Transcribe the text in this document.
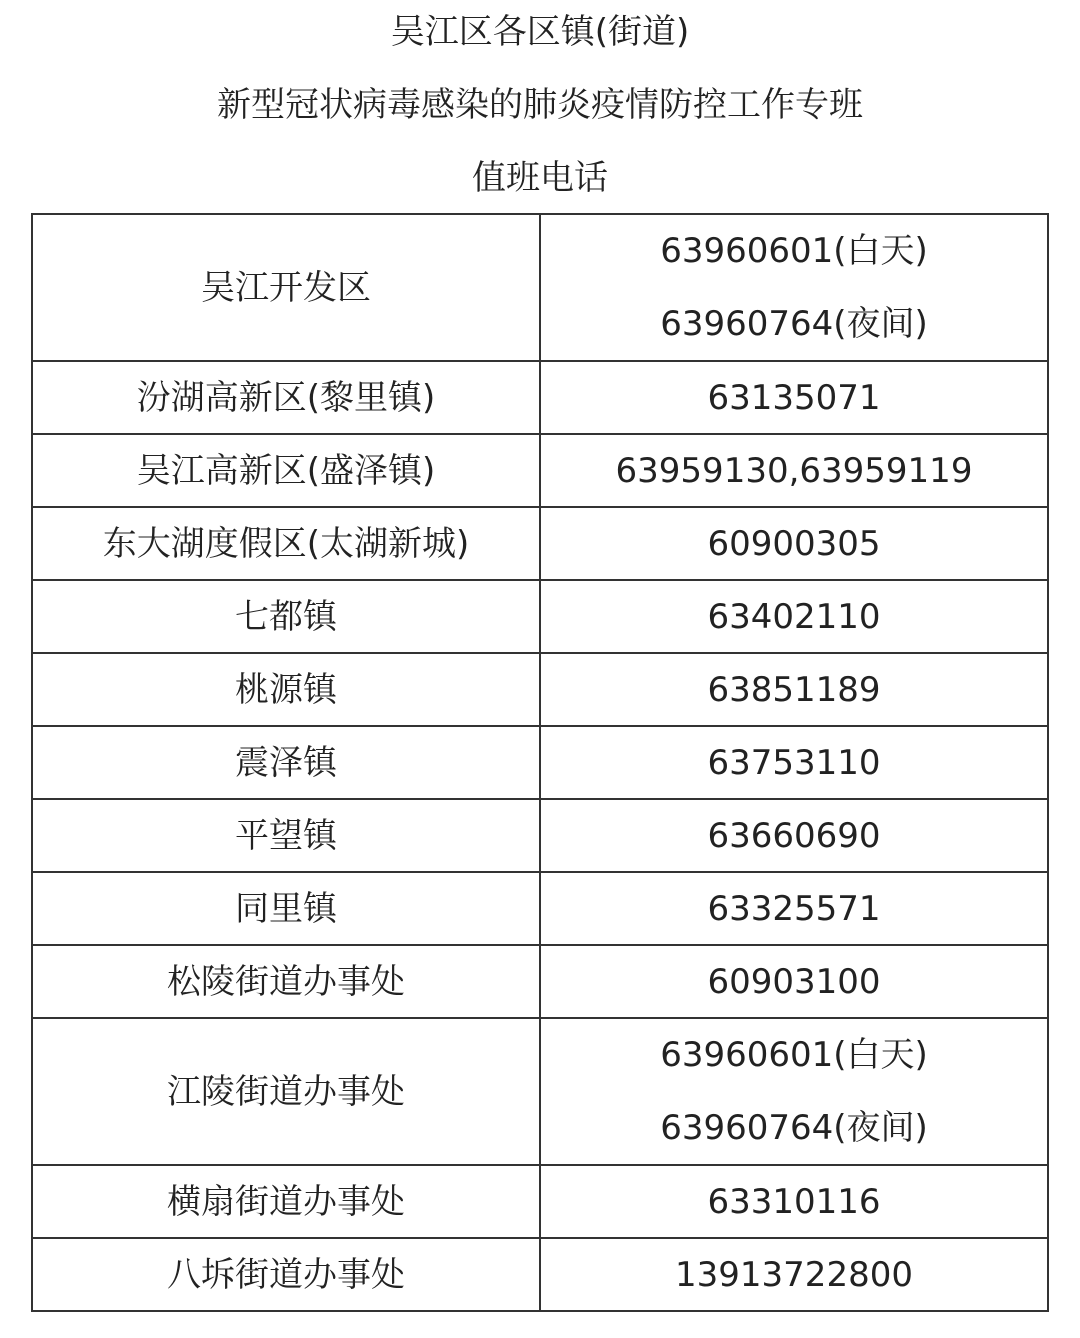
吴江区各区镇(街道)
新型冠状病毒感染的肺炎疫情防控工作专班
值班电话
吴江开发区	63960601(白天)
63960764(夜间)

汾湖高新区(黎里镇)	63135071

吴江高新区(盛泽镇)	63959130,63959119

东大湖度假区(太湖新城)	60900305

七都镇	63402110

桃源镇	63851189

震泽镇	63753110

平望镇	63660690

同里镇	63325571

松陵街道办事处	60903100

江陵街道办事处	63960601(白天)
63960764(夜间)

横扇街道办事处	63310116

八坼街道办事处	13913722800
